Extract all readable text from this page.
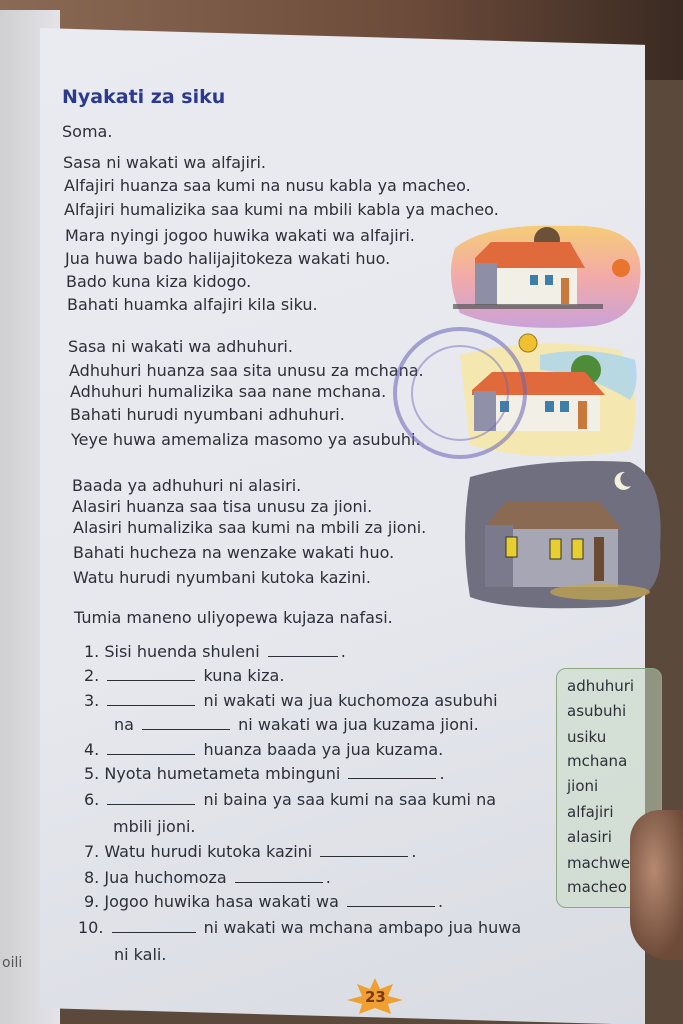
oili
Nyakati za siku
Soma.
Sasa ni wakati wa alfajiri.
Alfajiri huanza saa kumi na nusu kabla ya macheo.
Alfajiri humalizika saa kumi na mbili kabla ya macheo.
Mara nyingi jogoo huwika wakati wa alfajiri.
Jua huwa bado halijajitokeza wakati huo.
Bado kuna kiza kidogo.
Bahati huamka alfajiri kila siku.
Sasa ni wakati wa adhuhuri.
Adhuhuri huanza saa sita unusu za mchana.
Adhuhuri humalizika saa nane mchana.
Bahati hurudi nyumbani adhuhuri.
Yeye huwa amemaliza masomo ya asubuhi.
Baada ya adhuhuri ni alasiri.
Alasiri huanza saa tisa unusu za jioni.
Alasiri humalizika saa kumi na mbili za jioni.
Bahati hucheza na wenzake wakati huo.
Watu hurudi nyumbani kutoka kazini.
Tumia maneno uliyopewa kujaza nafasi.
1. Sisi huenda shuleni	.
2.	kuna kiza.
3.	ni wakati wa jua kuchomoza asubuhi
na	ni wakati wa jua kuzama jioni.
4.	huanza baada ya jua kuzama.
5. Nyota humetameta mbinguni	.
6.	ni baina ya saa kumi na saa kumi na
mbili jioni.
7. Watu hurudi kutoka kazini	.
8. Jua huchomoza	.
9. Jogoo huwika hasa wakati wa	.
10.	ni wakati wa mchana ambapo jua huwa
ni kali.
adhuhuri
asubuhi
usiku
mchana
jioni
alfajiri
alasiri
machwe
macheo
23
